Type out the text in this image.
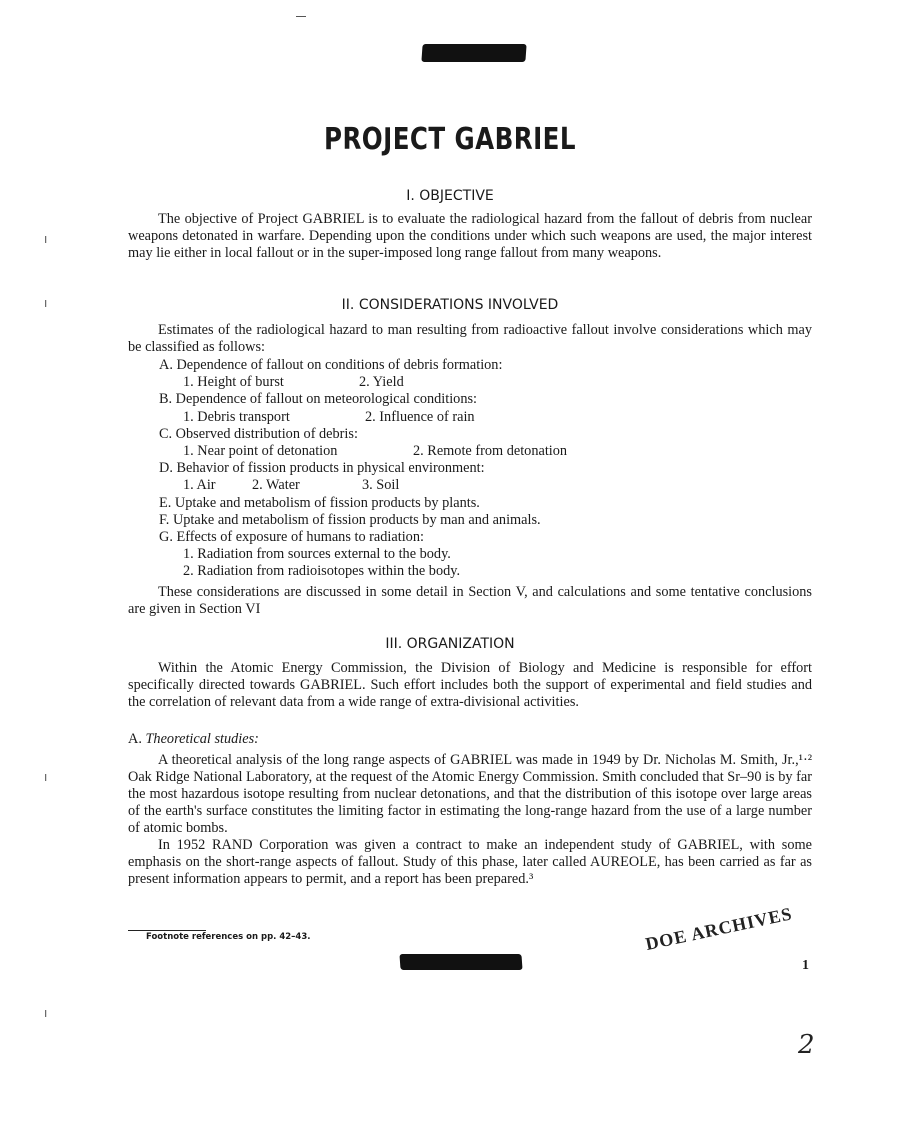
ı
ı
ı
ı
PROJECT GABRIEL
I. OBJECTIVE

The objective of Project GABRIEL is to evaluate the radiological hazard from the fallout of debris from nuclear weapons detonated in warfare. Depending upon the conditions under which such weapons are used, the major interest may lie either in local fallout or in the super-imposed long range fallout from many weapons.

II. CONSIDERATIONS INVOLVED

Estimates of the radiological hazard to man resulting from radioactive fallout involve considerations which may be classified as follows:

A. Dependence of fallout on conditions of debris formation:
1. Height of burst	2. Yield
B. Dependence of fallout on meteorological conditions:
1. Debris transport	2. Influence of rain
C. Observed distribution of debris:
1. Near point of detonation	2. Remote from detonation
D. Behavior of fission products in physical environment:
1. Air	2. Water	3. Soil
E. Uptake and metabolism of fission products by plants.
F. Uptake and metabolism of fission products by man and animals.
G. Effects of exposure of humans to radiation:
1. Radiation from sources external to the body.
2. Radiation from radioisotopes within the body.

These considerations are discussed in some detail in Section V, and calculations and some tentative conclusions are given in Section VI

III. ORGANIZATION

Within the Atomic Energy Commission, the Division of Biology and Medicine is responsible for effort specifically directed towards GABRIEL. Such effort includes both the support of experimental and field studies and the correlation of relevant data from a wide range of extra-divisional activities.

A. Theoretical studies:

A theoretical analysis of the long range aspects of GABRIEL was made in 1949 by Dr. Nicholas M. Smith, Jr.,¹·² Oak Ridge National Laboratory, at the request of the Atomic Energy Commission. Smith concluded that Sr–90 is by far the most hazardous isotope resulting from nuclear detonations, and that the distribution of this isotope over large areas of the earth's surface constitutes the limiting factor in estimating the long-range hazard from the use of a large number of atomic bombs.

In 1952 RAND Corporation was given a contract to make an independent study of GABRIEL, with some emphasis on the short-range aspects of fallout. Study of this phase, later called AUREOLE, has been carried as far as present information appears to permit, and a report has been prepared.³

Footnote references on pp. 42–43.	DOE ARCHIVES
1
2
